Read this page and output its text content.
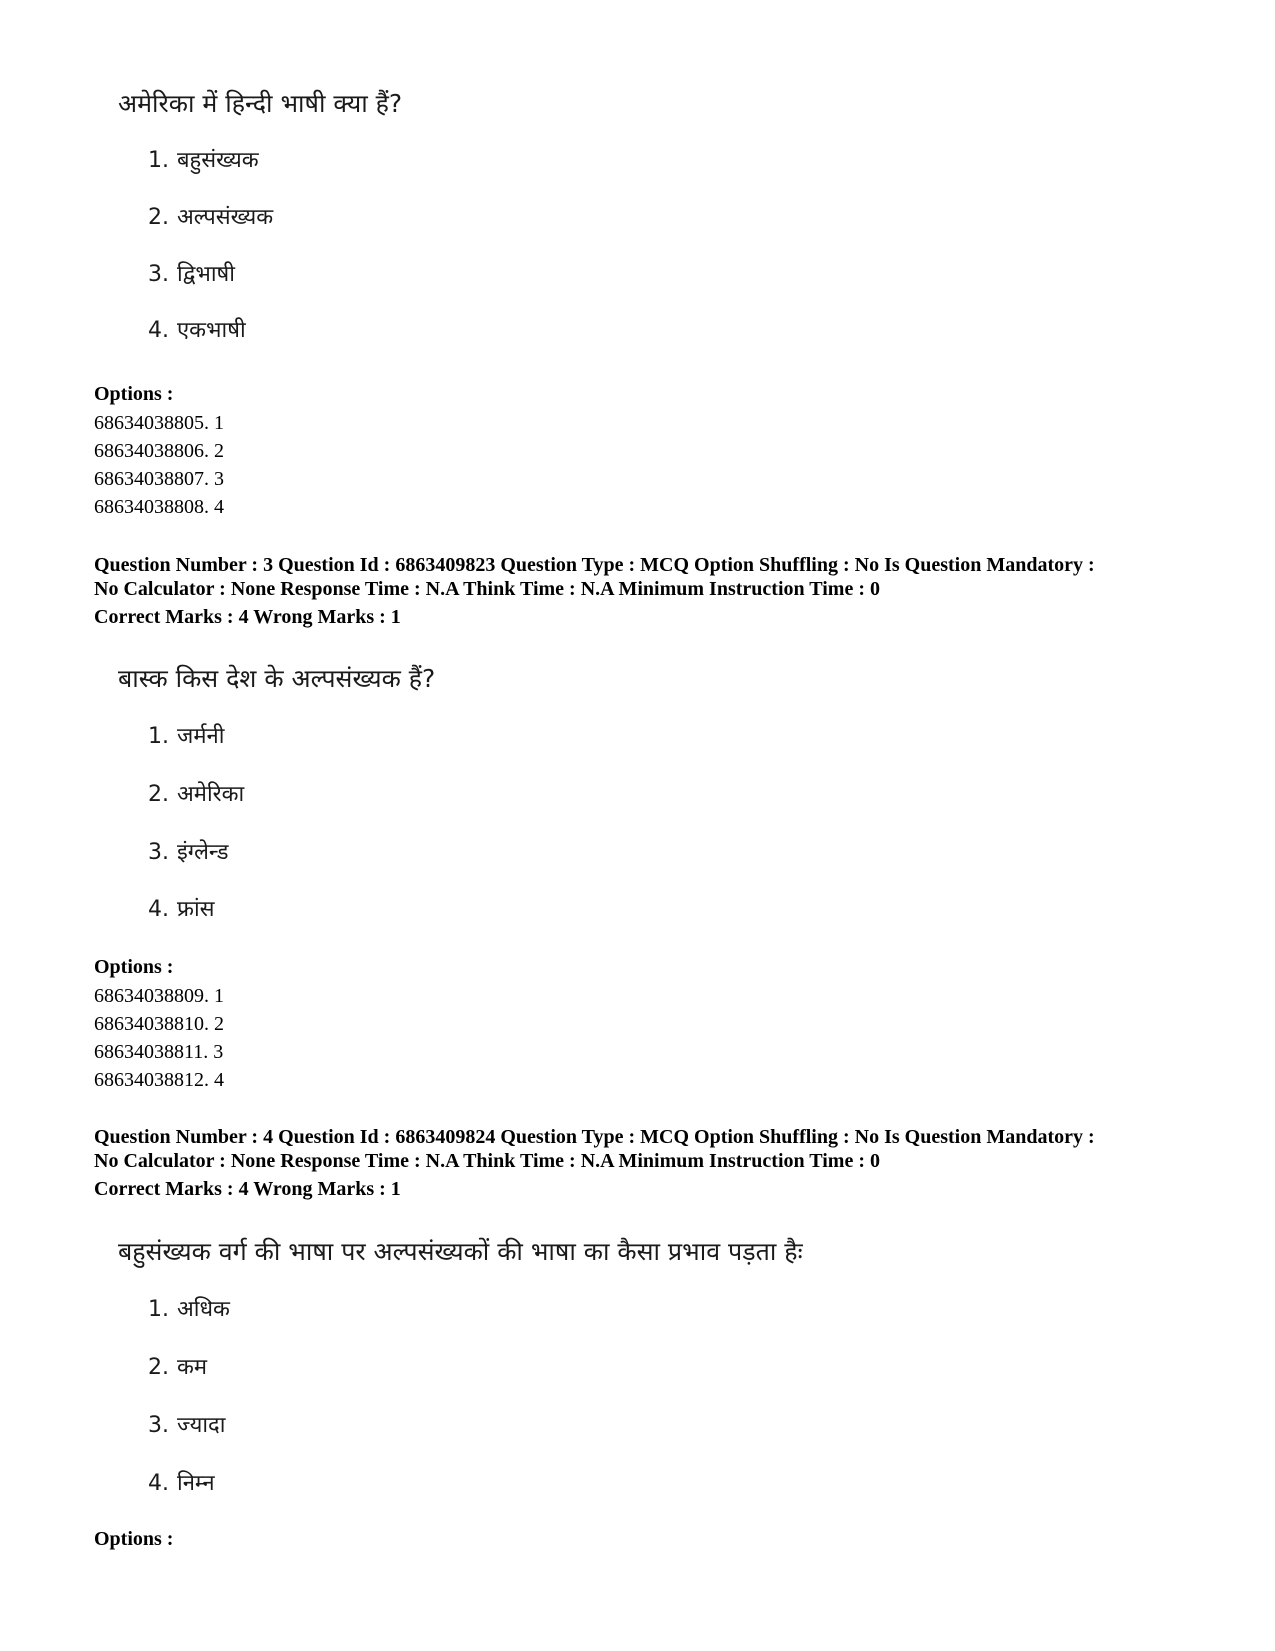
अमेरिका में हिन्दी भाषी क्या हैं?
1. बहुसंख्यक
2. अल्पसंख्यक
3. द्विभाषी
4. एकभाषी
Options :
68634038805. 1
68634038806. 2
68634038807. 3
68634038808. 4
Question Number : 3 Question Id : 6863409823 Question Type : MCQ Option Shuffling : No Is Question Mandatory :
No Calculator : None Response Time : N.A Think Time : N.A Minimum Instruction Time : 0
Correct Marks : 4 Wrong Marks : 1
बास्क किस देश के अल्पसंख्यक हैं?
1. जर्मनी
2. अमेरिका
3. इंग्लेन्ड
4. फ्रांस
Options :
68634038809. 1
68634038810. 2
68634038811. 3
68634038812. 4
Question Number : 4 Question Id : 6863409824 Question Type : MCQ Option Shuffling : No Is Question Mandatory :
No Calculator : None Response Time : N.A Think Time : N.A Minimum Instruction Time : 0
Correct Marks : 4 Wrong Marks : 1
बहुसंख्यक वर्ग की भाषा पर अल्पसंख्यकों की भाषा का कैसा प्रभाव पड़ता हैः
1. अधिक
2. कम
3. ज्यादा
4. निम्न
Options :
